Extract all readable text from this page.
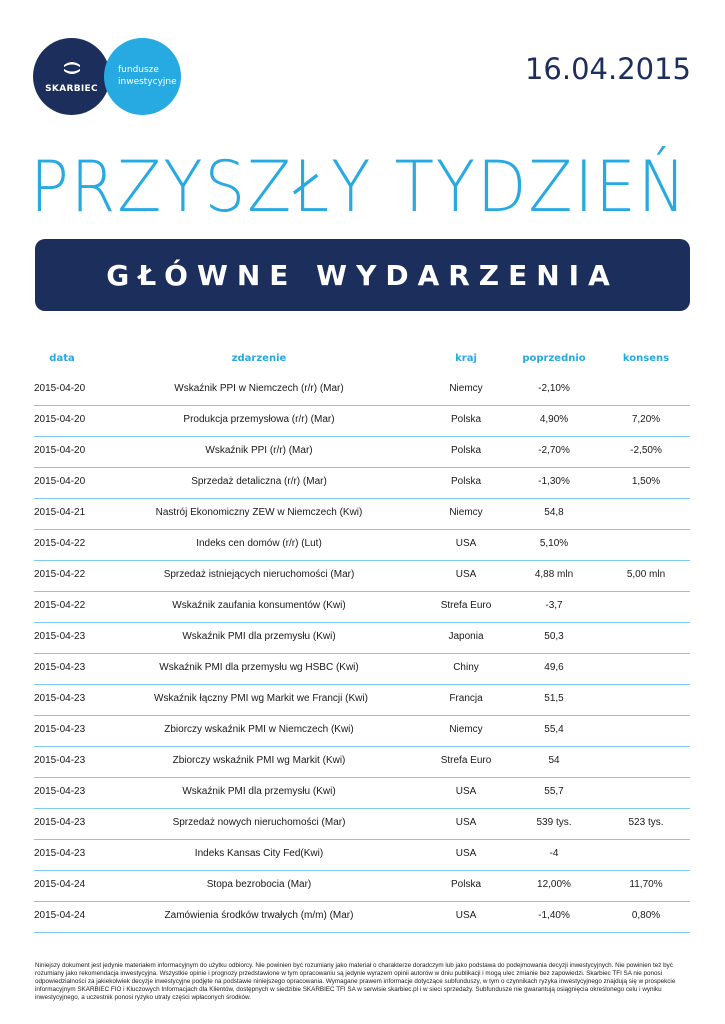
SKARBIEC
fundusze
inwestycyjne	16.04.2015
PRZYSZŁY TYDZIEŃ
GŁÓWNE WYDARZENIA
data	zdarzenie	kraj	poprzednio	konsens
2015-04-20	Wskaźnik PPI w Niemczech (r/r) (Mar)	Niemcy	-2,10%
2015-04-20	Produkcja przemysłowa (r/r) (Mar)	Polska	4,90%	7,20%
2015-04-20	Wskaźnik PPI (r/r) (Mar)	Polska	-2,70%	-2,50%
2015-04-20	Sprzedaż detaliczna (r/r) (Mar)	Polska	-1,30%	1,50%
2015-04-21	Nastrój Ekonomiczny ZEW w Niemczech (Kwi)	Niemcy	54,8
2015-04-22	Indeks cen domów (r/r) (Lut)	USA	5,10%
2015-04-22	Sprzedaż istniejących nieruchomości (Mar)	USA	4,88 mln	5,00 mln
2015-04-22	Wskaźnik zaufania konsumentów (Kwi)	Strefa Euro	-3,7
2015-04-23	Wskaźnik PMI dla przemysłu (Kwi)	Japonia	50,3
2015-04-23	Wskaźnik PMI dla przemysłu wg HSBC (Kwi)	Chiny	49,6
2015-04-23	Wskaźnik łączny PMI wg Markit we Francji (Kwi)	Francja	51,5
2015-04-23	Zbiorczy wskaźnik PMI w Niemczech (Kwi)	Niemcy	55,4
2015-04-23	Zbiorczy wskaźnik PMI wg Markit (Kwi)	Strefa Euro	54
2015-04-23	Wskaźnik PMI dla przemysłu (Kwi)	USA	55,7
2015-04-23	Sprzedaż nowych nieruchomości (Mar)	USA	539 tys.	523 tys.
2015-04-23	Indeks Kansas City Fed(Kwi)	USA	-4
2015-04-24	Stopa bezrobocia (Mar)	Polska	12,00%	11,70%
2015-04-24	Zamówienia środków trwałych (m/m) (Mar)	USA	-1,40%	0,80%
Niniejszy dokument jest jedynie materiałem informacyjnym do użytku odbiorcy. Nie powinien być rozumiany jako materiał o charakterze doradczym lub jako podstawa do podejmowania decyzji inwestycyjnych. Nie powinien też być rozumiany jako rekomendacja inwestycyjna. Wszystkie opinie i prognozy przedstawione w tym opracowaniu są jedynie wyrazem opinii autorów w dniu publikacji i mogą ulec zmianie bez zapowiedzi. Skarbiec TFI SA nie ponosi odpowiedzialności za jakiekolwiek decyzje inwestycyjne podjęte na podstawie niniejszego opracowania. Wymagane prawem informacje dotyczące subfunduszy, w tym o czynnikach ryzyka inwestycyjnego znajdują się w prospekcie informacyjnym SKARBIEC FIO i Kluczowych Informacjach dla Klientów, dostępnych w siedzibie SKARBIEC TFI SA w serwisie skarbiec.pl i w sieci sprzedaży. Subfundusze nie gwarantują osiągnięcia określonego celu i wyniku inwestycyjnego, a uczestnik ponosi ryzyko utraty części wpłaconych środków.
